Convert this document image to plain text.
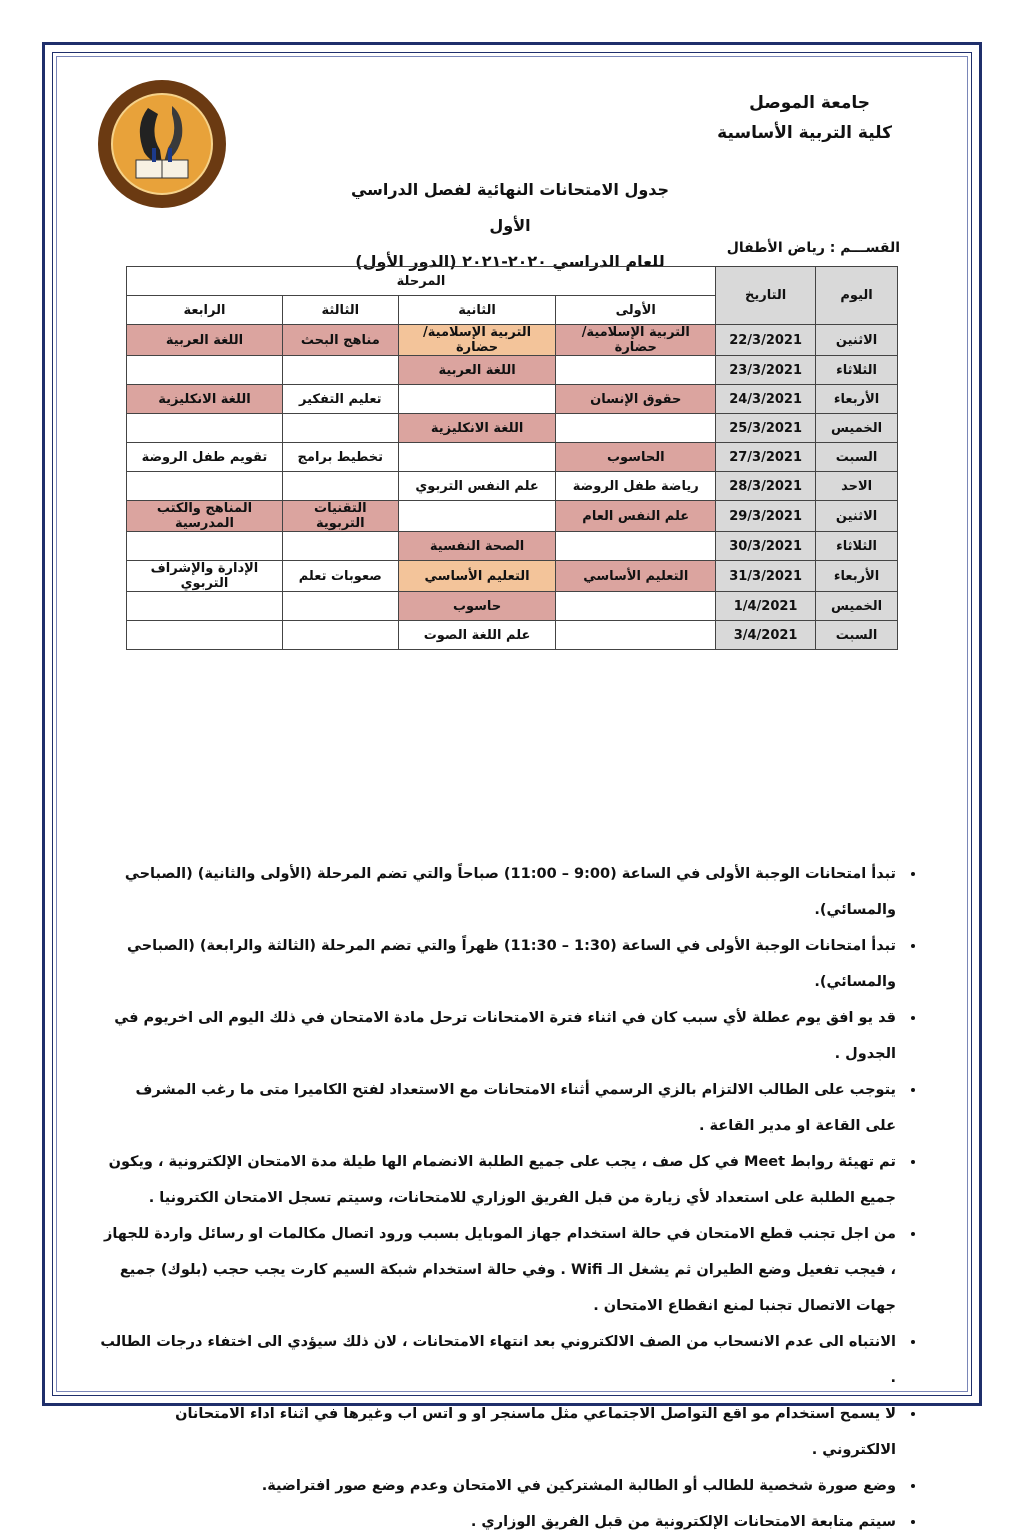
جامعة الموصل
كلية التربية الأساسية
جدول الامتحانات النهائية لفصل الدراسي الأول
للعام الدراسي ٢٠٢٠-٢٠٢١ (الدور الأول)
القســـم : رياض الأطفال
اليوم	التاريخ	المرحلة			
		الأولى	الثانية	الثالثة	الرابعة
الاثنين	22/3/2021	التربية الإسلامية/حضارة	التربية الإسلامية/حضارة	مناهج البحث	اللغة العربية
الثلاثاء	23/3/2021		اللغة العربية		
الأربعاء	24/3/2021	حقوق الإنسان		تعليم التفكير	اللغة الانكليزية
الخميس	25/3/2021		اللغة الانكليزية		
السبت	27/3/2021	الحاسوب		تخطيط برامج	تقويم طفل الروضة
الاحد	28/3/2021	رياضة طفل الروضة	علم النفس التربوي		
الاثنين	29/3/2021	علم النفس العام		التقنيات التربوية	المناهج والكتب المدرسية
الثلاثاء	30/3/2021		الصحة النفسية		
الأربعاء	31/3/2021	التعليم الأساسي	التعليم الأساسي	صعوبات تعلم	الإدارة والإشراف التربوي
الخميس	1/4/2021		حاسوب		
السبت	3/4/2021		علم اللغة الصوت		
• تبدأ امتحانات الوجبة الأولى في الساعة (9:00 – 11:00) صباحاً والتي تضم المرحلة (الأولى والثانية) (الصباحي والمسائي).
• تبدأ امتحانات الوجبة الأولى في الساعة (1:30 – 11:30) ظهراً والتي تضم المرحلة (الثالثة والرابعة) (الصباحي والمسائي).
• قد يو افق يوم عطلة لأي سبب كان في اثناء فترة الامتحانات ترحل مادة الامتحان في ذلك اليوم الى اخريوم في الجدول .
• يتوجب على الطالب الالتزام بالزي الرسمي أثناء الامتحانات مع الاستعداد لفتح الكاميرا متى ما رغب المشرف على القاعة او مدير القاعة .
• تم تهيئة روابط Meet في كل صف ، يجب على جميع الطلبة الانضمام الها طيلة مدة الامتحان الإلكترونية ، ويكون جميع الطلبة على استعداد لأي زيارة من قبل الفريق الوزاري للامتحانات، وسيتم تسجل الامتحان الكترونيا .
• من اجل تجنب قطع الامتحان في حالة استخدام جهاز الموبايل بسبب ورود اتصال مكالمات او رسائل واردة للجهاز ، فيجب تفعيل وضع الطيران ثم يشغل الـ Wifi . وفي حالة استخدام شبكة السيم كارت يجب حجب (بلوك) جميع جهات الاتصال تجنبا لمنع انقطاع الامتحان .
• الانتباه الى عدم الانسحاب من الصف الالكتروني بعد انتهاء الامتحانات ، لان ذلك سيؤدي الى اختفاء درجات الطالب .
• لا يسمح استخدام مو اقع التواصل الاجتماعي مثل ماسنجر او و اتس اب وغيرها في اثناء اداء الامتحانان الالكتروني .
• وضع صورة شخصية للطالب أو الطالبة المشتركين في الامتحان وعدم وضع صور افتراضية.
• سيتم متابعة الامتحانات الإلكترونية من قبل الفريق الوزاري .
